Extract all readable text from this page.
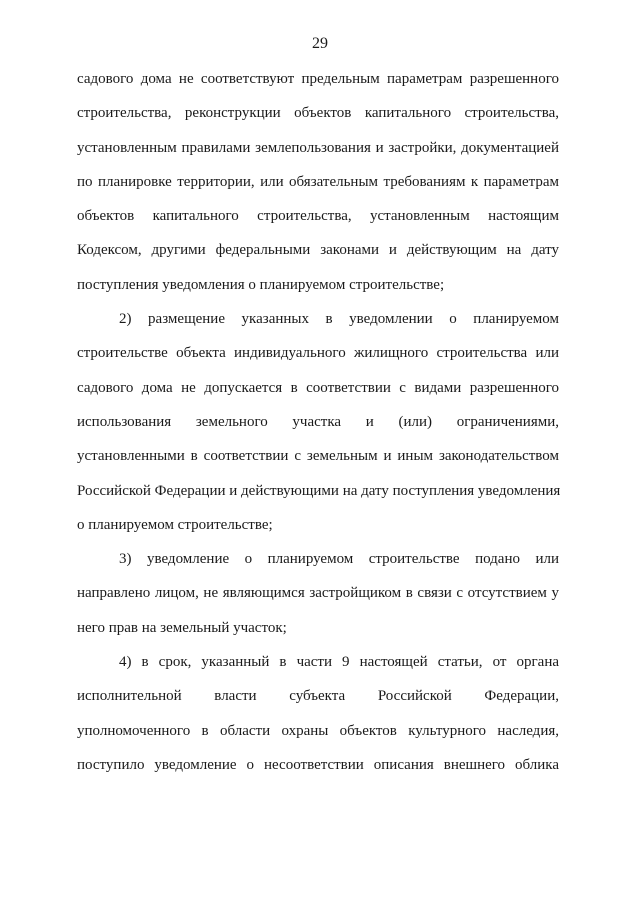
29
садового дома не соответствуют предельным параметрам разрешенного
строительства, реконструкции объектов капитального строительства,
установленным правилами землепользования и застройки, документацией
по планировке территории, или обязательным требованиям к параметрам
объектов капитального строительства, установленным настоящим
Кодексом, другими федеральными законами и действующим на дату
поступления уведомления о планируемом строительстве;
2) размещение указанных в уведомлении о планируемом
строительстве объекта индивидуального жилищного строительства или
садового дома не допускается в соответствии с видами разрешенного
использования земельного участка и (или) ограничениями,
установленными в соответствии с земельным и иным законодательством
Российской Федерации и действующими на дату поступления уведомления
о планируемом строительстве;
3) уведомление о планируемом строительстве подано или
направлено лицом, не являющимся застройщиком в связи с отсутствием у
него прав на земельный участок;
4) в срок, указанный в части 9 настоящей статьи, от органа
исполнительной власти субъекта Российской Федерации,
уполномоченного в области охраны объектов культурного наследия,
поступило уведомление о несоответствии описания внешнего облика
